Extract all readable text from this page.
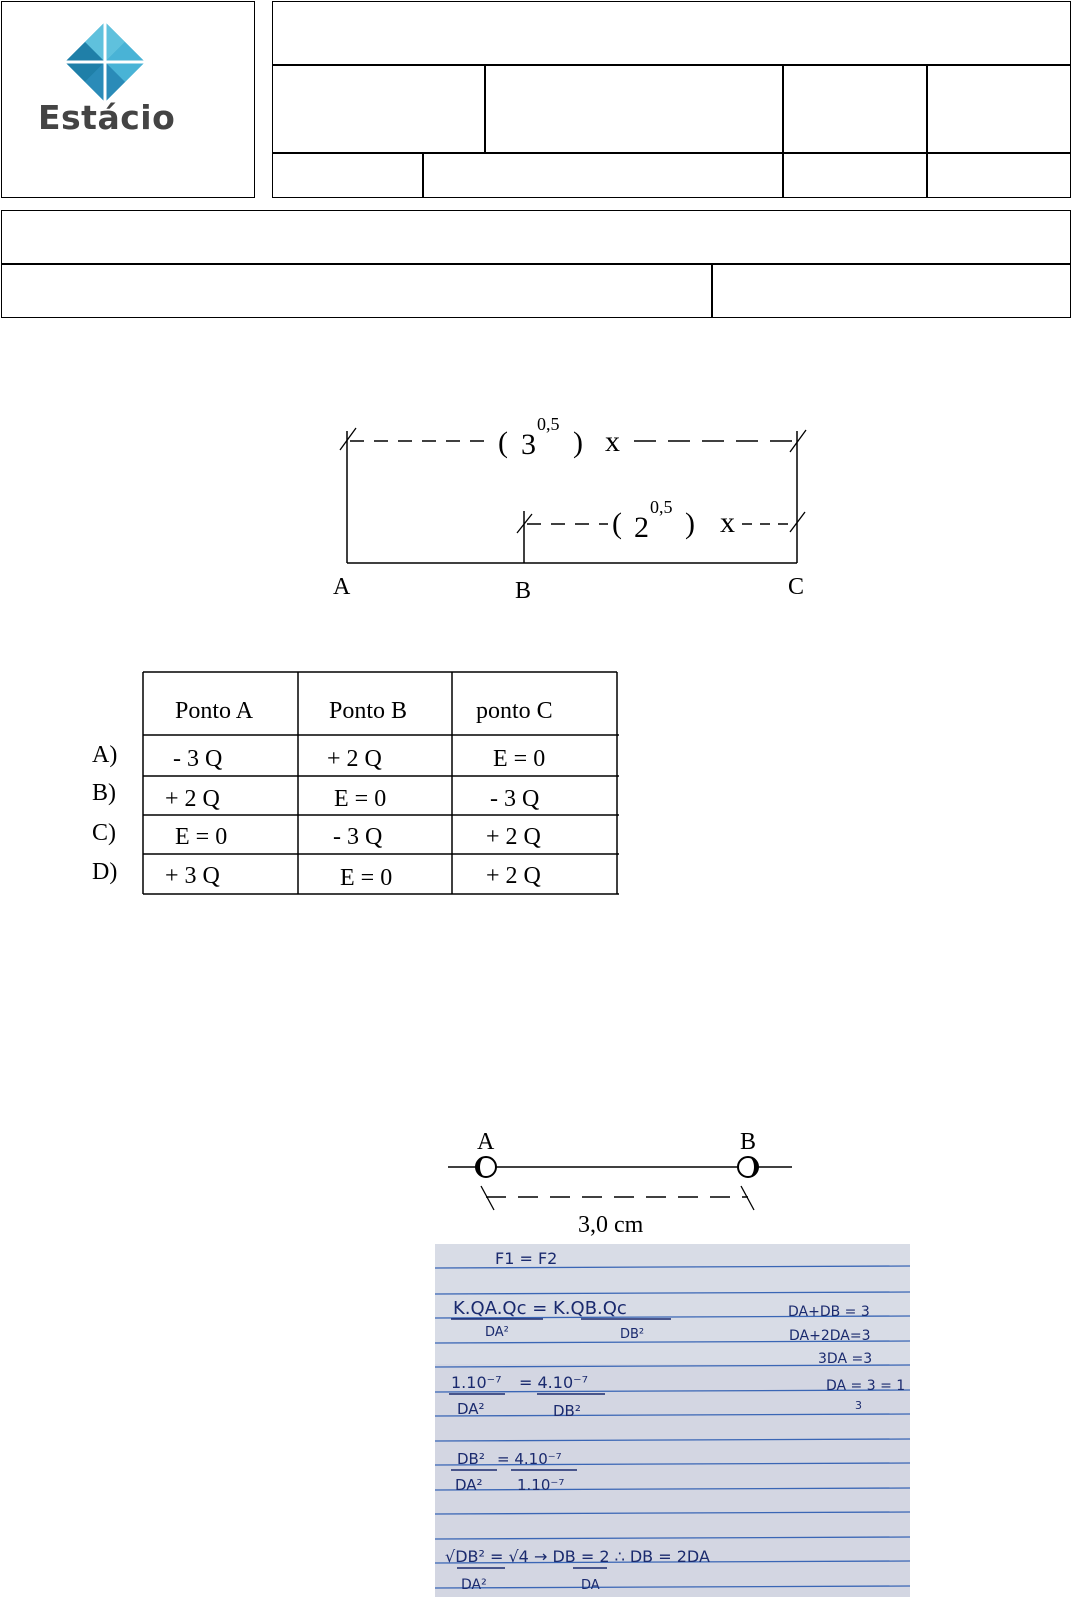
Estácio
( 3
0,5
) x
( 2
0,5 ) x
A	B	C
Ponto A	Ponto B	ponto C
A) - 3 Q	+ 2 Q	E = 0
B) + 2 Q	E = 0	- 3 Q
C) E = 0	- 3 Q	+ 2 Q
D) + 3 Q	E = 0	+ 2 Q
A	B
3,0 cm
F1 = F2
K.QA.Qc = K.QB.Qc
DA²	DB²
DA+DB = 3
DA+2DA=3
3DA =3
DA = 3 = 1
3
1.10⁻⁷ = 4.10⁻⁷
DA²	DB²
DB²
DA²
= 4.10⁻⁷
1.10⁻⁷
√DB² = √4 → DB = 2 ∴ DB = 2DA
DA²	DA
